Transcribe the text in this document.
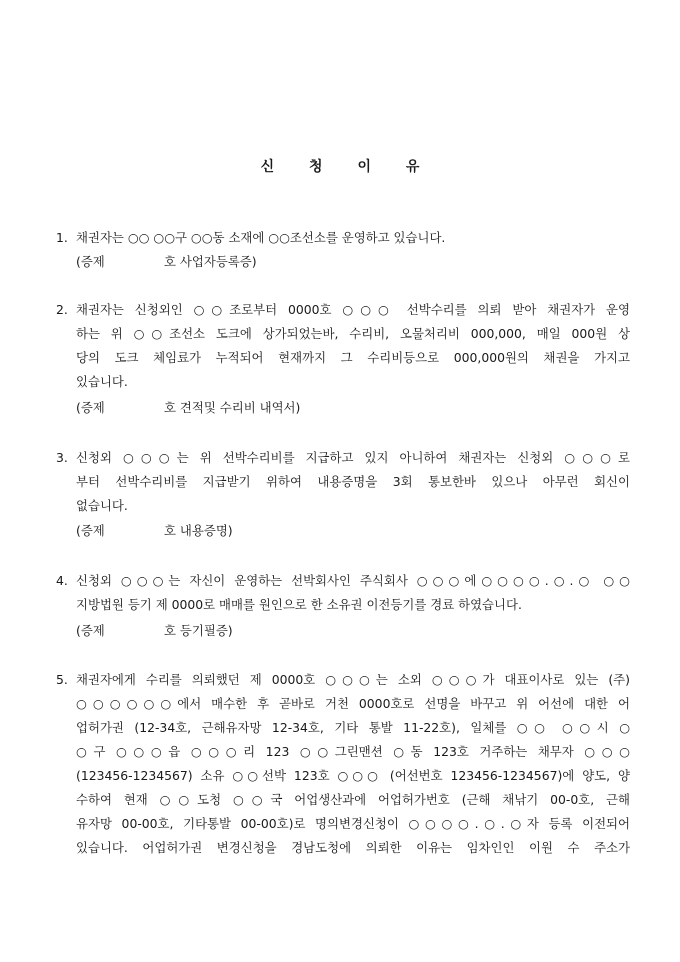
신 청 이 유
1. 채권자는 ○○ ○○구 ○○동 소재에 ○○조선소를 운영하고 있습니다.
(증제	호 사업자등록증)
2. 채권자는 신청외인 ○○조로부터 0000호 ○○○ 선박수리를 의뢰 받아 채권자가 운영
하는 위 ○○조선소 도크에 상가되었는바, 수리비, 오물처리비 000,000, 매일 000원 상
당의 도크 체임료가 누적되어 현재까지 그 수리비등으로 000,000원의 채권을 가지고
있습니다.
(증제	호 견적및 수리비 내역서)
3. 신청외 ○○○는 위 선박수리비를 지급하고 있지 아니하여 채권자는 신청외 ○○○로
부터 선박수리비를 지급받기 위하여 내용증명을 3회 통보한바 있으나 아무런 회신이
없습니다.
(증제	호 내용증명)
4. 신청외 ○○○는 자신이 운영하는 선박회사인 주식회사 ○○○에○○○○.○.○ ○○
지방법원 등기 제 0000로 매매를 원인으로 한 소유권 이전등기를 경료 하였습니다.
(증제	호 등기필증)
5. 채권자에게 수리를 의뢰했던 제 0000호 ○○○는 소외 ○○○가 대표이사로 있는 (주)
○○○○○○에서 매수한 후 곧바로 거천 0000호로 선명을 바꾸고 위 어선에 대한 어
업허가권 (12-34호, 근해유자망 12-34호, 기타 통발 11-22호), 일체를 ○○ ○○시 ○
○구 ○○○읍 ○○○리 123 ○○그린맨션 ○동 123호 거주하는 채무자 ○○○
(123456-1234567) 소유 ○○선박 123호 ○○○ (어선번호 123456-1234567)에 양도, 양
수하여 현재 ○○도청 ○○국 어업생산과에 어업허가번호 (근해 채낚기 00-0호, 근해
유자망 00-00호, 기타통발 00-00호)로 명의변경신청이 ○○○○.○.○자 등록 이전되어
있습니다. 어업허가권 변경신청을 경남도청에 의뢰한 이유는 임차인인 이원 수 주소가
